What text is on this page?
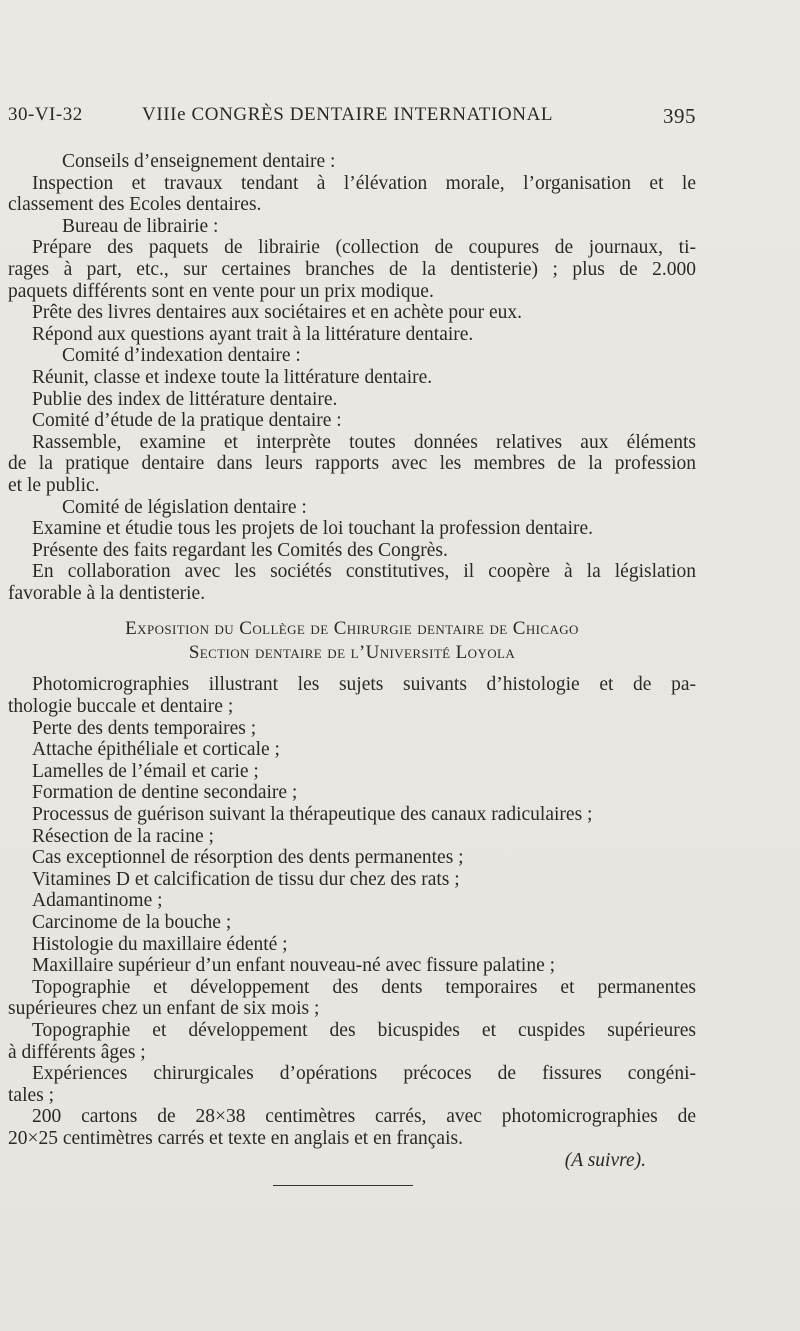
30-VI-32	VIIIe CONGRÈS DENTAIRE INTERNATIONAL	395
Conseils d’enseignement dentaire :
Inspection et travaux tendant à l’élévation morale, l’organisation et le
classement des Ecoles dentaires.
Bureau de librairie :
Prépare des paquets de librairie (collection de coupures de journaux, ti-
rages à part, etc., sur certaines branches de la dentisterie) ; plus de 2.000
paquets différents sont en vente pour un prix modique.
Prête des livres dentaires aux sociétaires et en achète pour eux.
Répond aux questions ayant trait à la littérature dentaire.
Comité d’indexation dentaire :
Réunit, classe et indexe toute la littérature dentaire.
Publie des index de littérature dentaire.
Comité d’étude de la pratique dentaire :
Rassemble, examine et interprète toutes données relatives aux éléments
de la pratique dentaire dans leurs rapports avec les membres de la profession
et le public.
Comité de législation dentaire :
Examine et étudie tous les projets de loi touchant la profession dentaire.
Présente des faits regardant les Comités des Congrès.
En collaboration avec les sociétés constitutives, il coopère à la législation
favorable à la dentisterie.
Exposition du Collège de Chirurgie dentaire de Chicago
Section dentaire de l’Université Loyola
Photomicrographies illustrant les sujets suivants d’histologie et de pa-
thologie buccale et dentaire ;
Perte des dents temporaires ;
Attache épithéliale et corticale ;
Lamelles de l’émail et carie ;
Formation de dentine secondaire ;
Processus de guérison suivant la thérapeutique des canaux radiculaires ;
Résection de la racine ;
Cas exceptionnel de résorption des dents permanentes ;
Vitamines D et calcification de tissu dur chez des rats ;
Adamantinome ;
Carcinome de la bouche ;
Histologie du maxillaire édenté ;
Maxillaire supérieur d’un enfant nouveau-né avec fissure palatine ;
Topographie et développement des dents temporaires et permanentes
supérieures chez un enfant de six mois ;
Topographie et développement des bicuspides et cuspides supérieures
à différents âges ;
Expériences chirurgicales d’opérations précoces de fissures congéni-
tales ;
200 cartons de 28×38 centimètres carrés, avec photomicrographies de
20×25 centimètres carrés et texte en anglais et en français.
(A suivre).
